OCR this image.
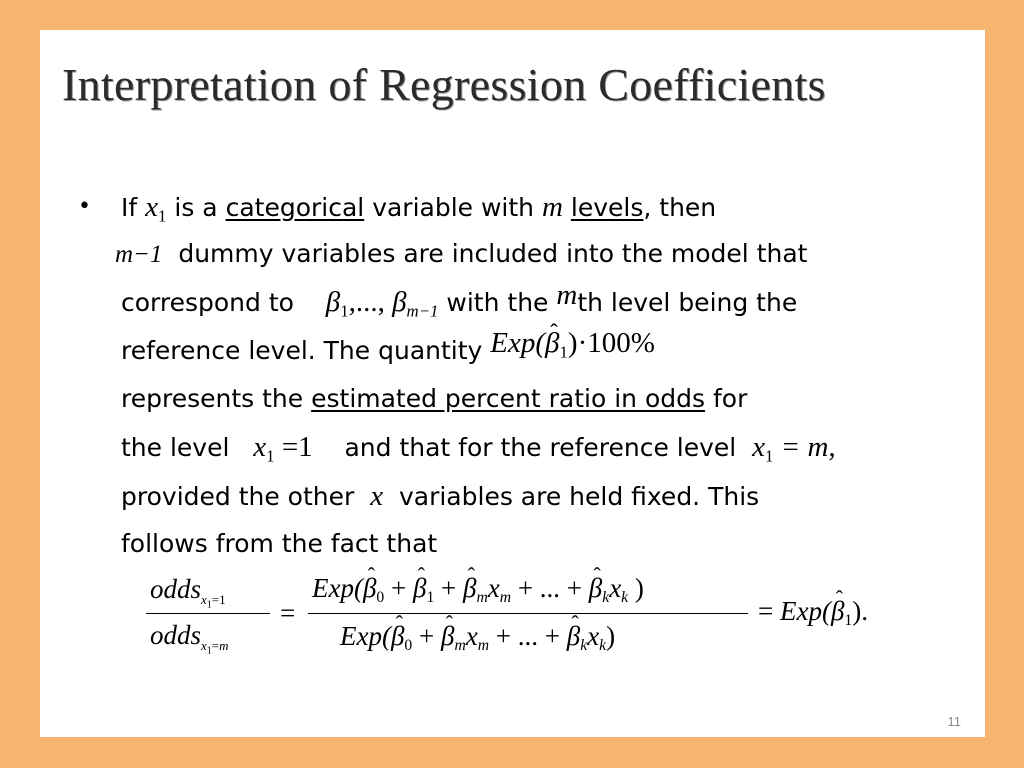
Interpretation of Regression Coefficients
• If $x_1$ is a categorical variable with m levels, then
m−1 dummy variables are included into the model that
correspond to $\beta_1$,..., $\beta_{m-1}$ with the mth level being the
reference level. The quantity Exp(ˆ $\beta_1)\cdot 100\%$
represents the estimated percent ratio in odds for
the level $x_1 =1$ and that for the reference level $x_1 = m$,
provided the other x variables are held fixed. This
follows from the fact that
odds$_{x_1=1}$
odds$_{x_1=m}$
=
Exp(ˆ $\beta_0$ + ˆ $\beta_1$ + ˆ $\beta_mx_m$ + ... + ˆ $\beta_kx_k$ )
Exp(ˆ $\beta_0$ + ˆ $\beta_mx_m$ + ... + ˆ $\beta_kx_k$)
= Exp(ˆ $\beta_1$).
11
